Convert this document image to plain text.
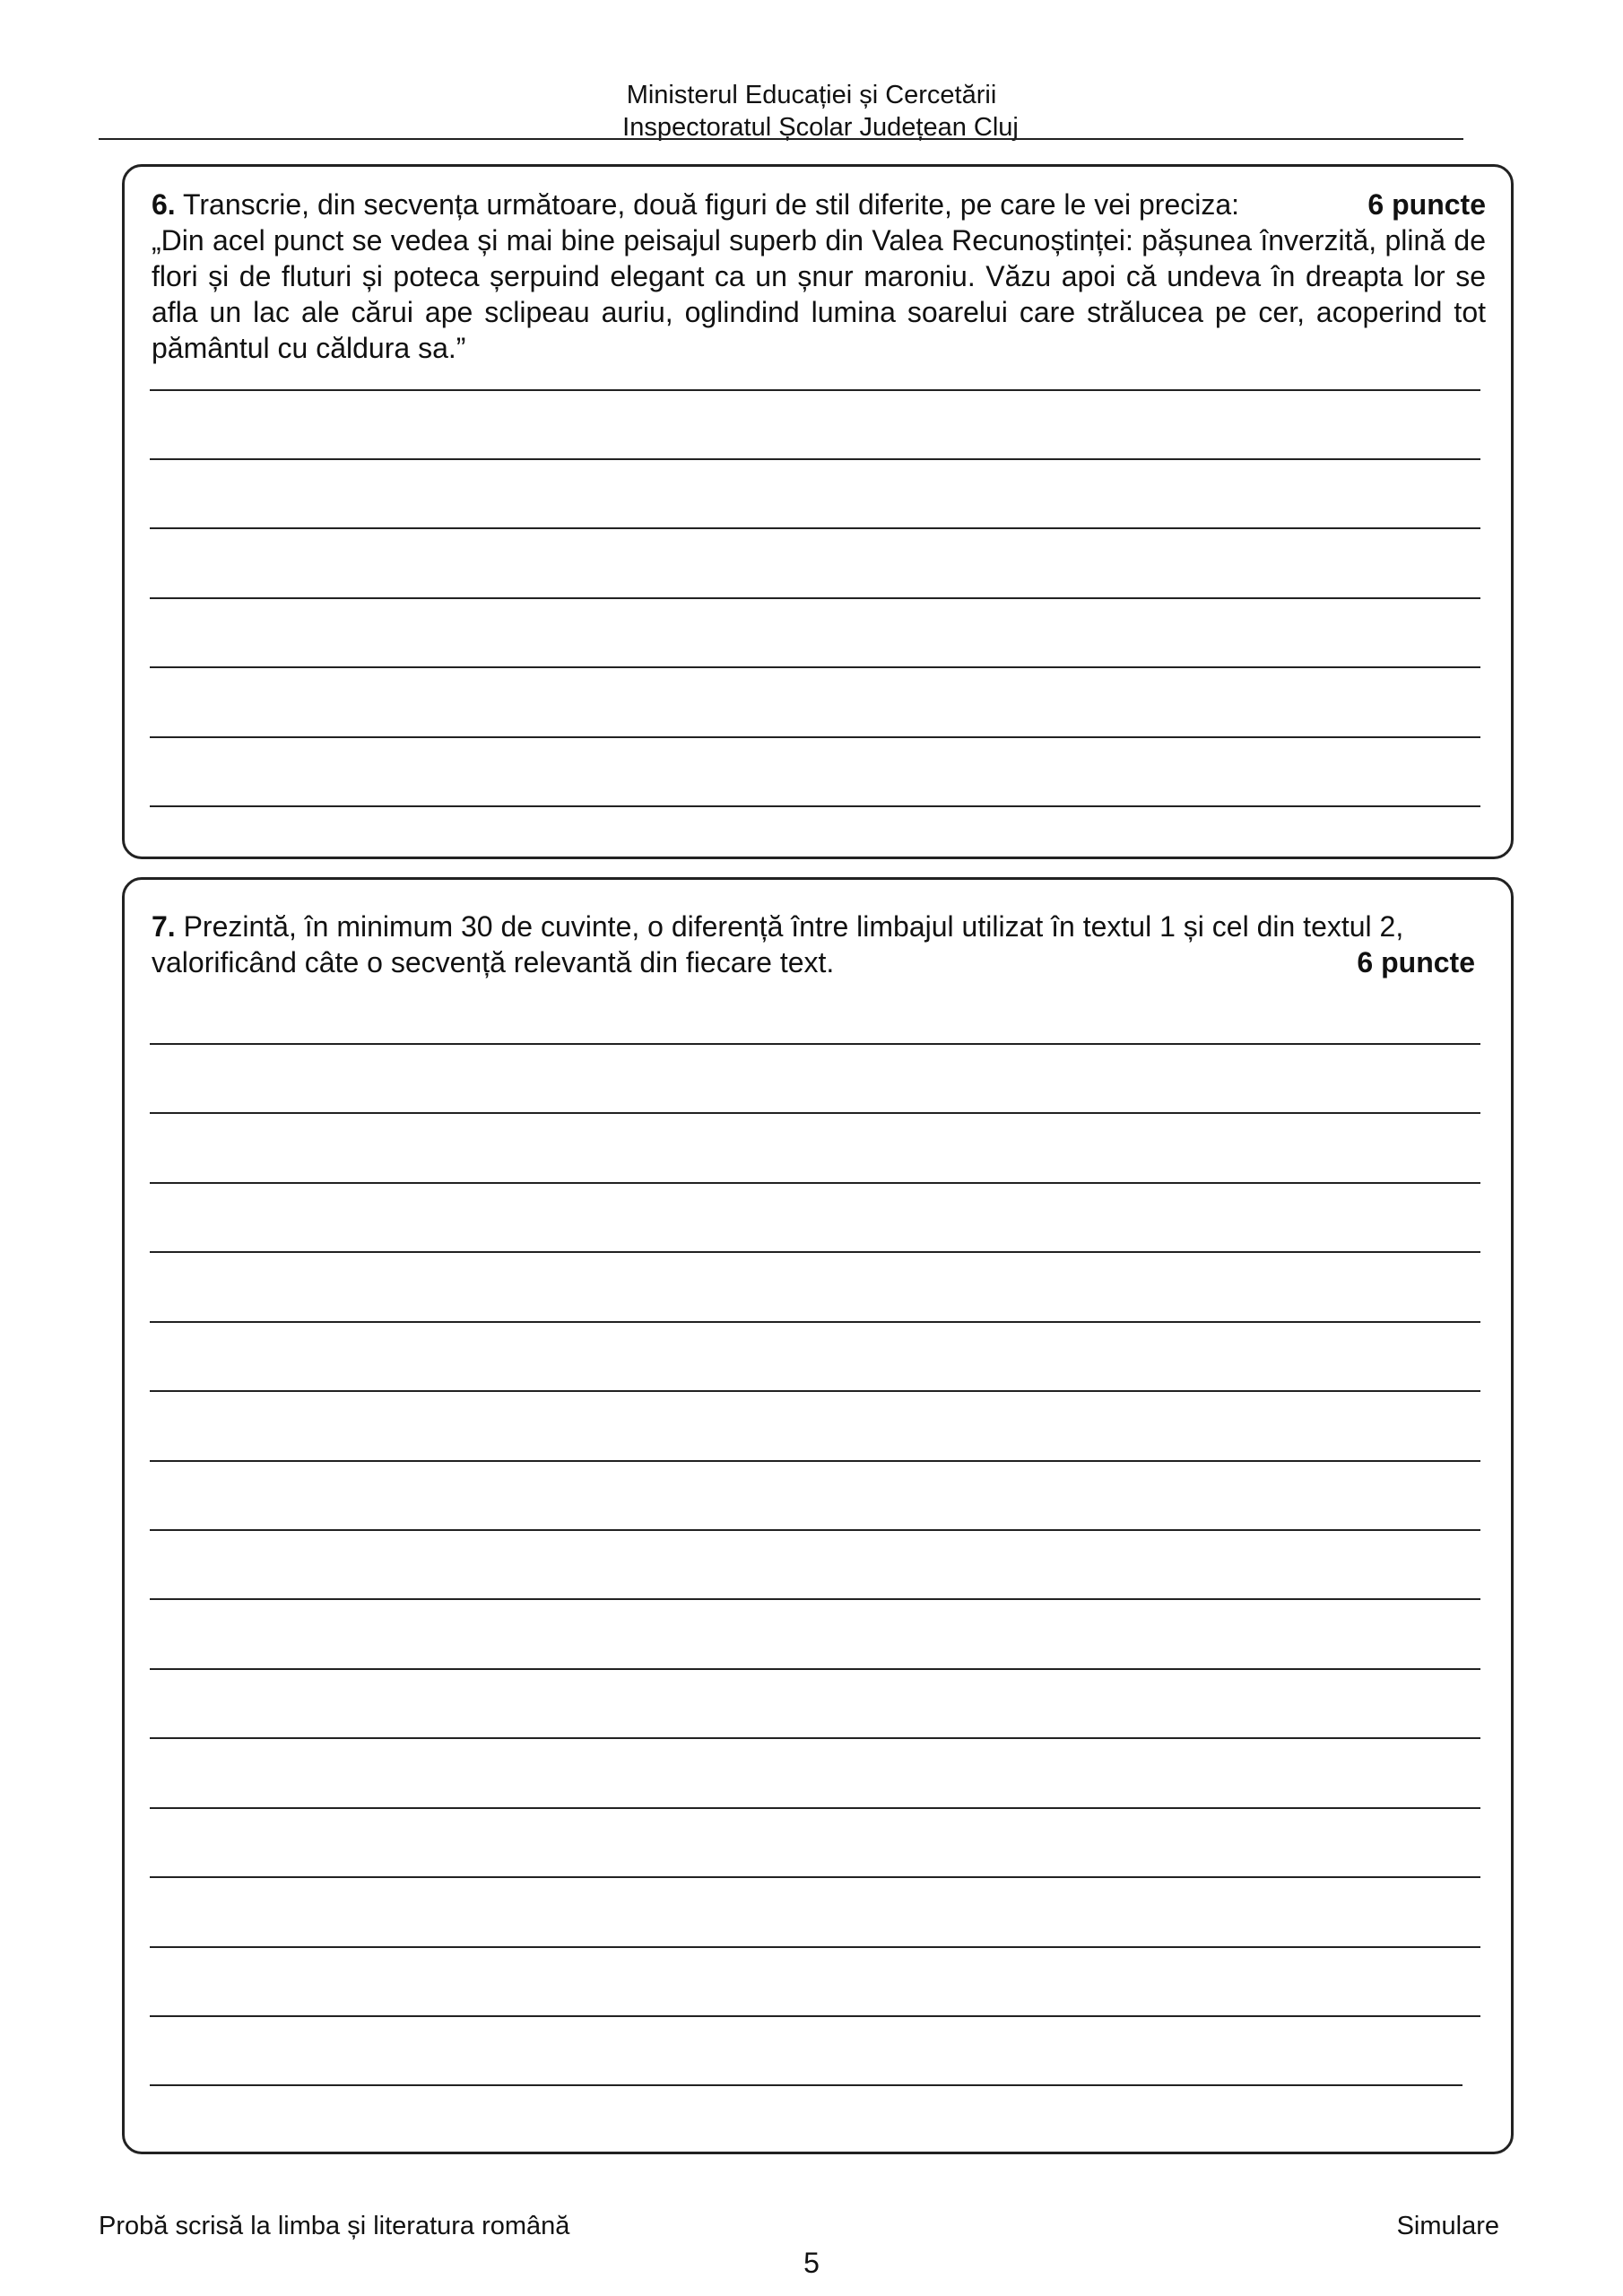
Ministerul Educației și Cercetării
Inspectoratul Școlar Județean Cluj
6 puncte
6. Transcrie, din secvența următoare, două figuri de stil diferite, pe care le vei preciza:
„Din acel punct se vedea și mai bine peisajul superb din Valea Recunoștinței: pășunea înverzită, plină de flori și de fluturi și poteca șerpuind elegant ca un șnur maroniu. Văzu apoi că undeva în dreapta lor se afla un lac ale cărui ape sclipeau auriu, oglindind lumina soarelui care strălucea pe cer, acoperind tot pământul cu căldura sa.”
7. Prezintă, în minimum 30 de cuvinte, o diferență între limbajul utilizat în textul 1 și cel din textul 2, valorificând câte o secvență relevantă din fiecare text.	6 puncte
Probă scrisă la limba și literatura română	Simulare
5
